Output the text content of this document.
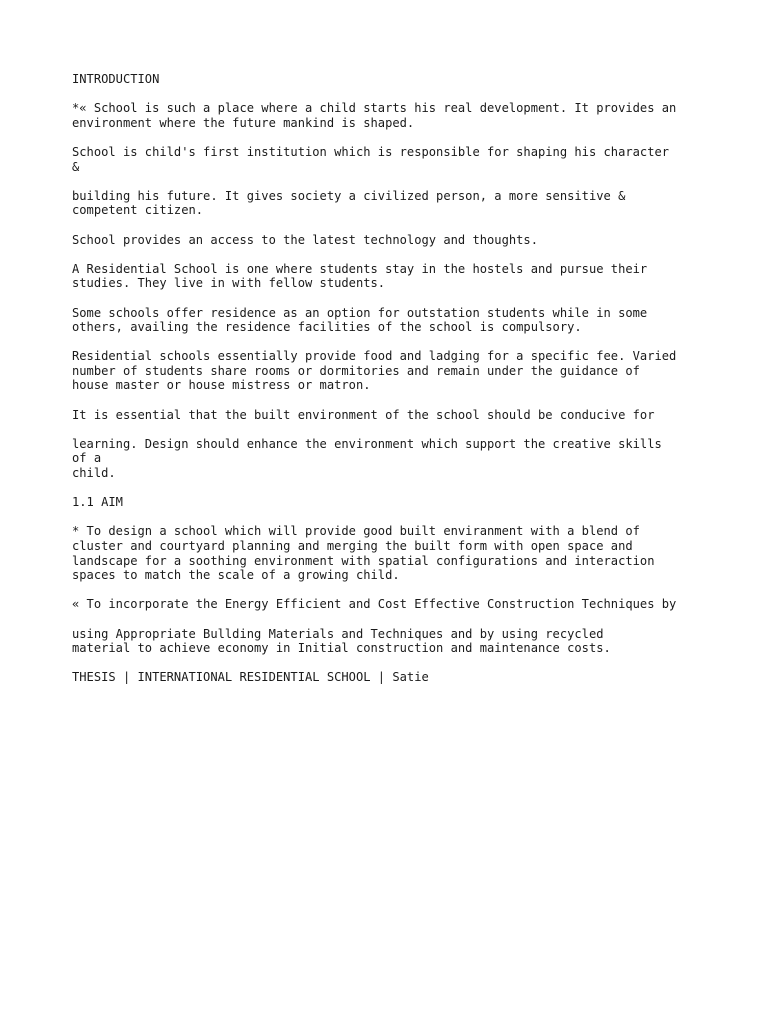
INTRODUCTION

*« School is such a place where a child starts his real development. It provides an
environment where the future mankind is shaped.

School is child's first institution which is responsible for shaping his character
&

building his future. It gives society a civilized person, a more sensitive &
competent citizen.

School provides an access to the latest technology and thoughts.

A Residential School is one where students stay in the hostels and pursue their
studies. They live in with fellow students.

Some schools offer residence as an option for outstation students while in some
others, availing the residence facilities of the school is compulsory.

Residential schools essentially provide food and ladging for a specific fee. Varied
number of students share rooms or dormitories and remain under the guidance of
house master or house mistress or matron.

It is essential that the built environment of the school should be conducive for

learning. Design should enhance the environment which support the creative skills
of a
child.

1.1 AIM

* To design a school which will provide good built enviranment with a blend of
cluster and courtyard planning and merging the built form with open space and
landscape for a soothing environment with spatial configurations and interaction
spaces to match the scale of a growing child.

« To incorporate the Energy Efficient and Cost Effective Construction Techniques by

using Appropriate Bullding Materials and Techniques and by using recycled
material to achieve economy in Initial construction and maintenance costs.

THESIS | INTERNATIONAL RESIDENTIAL SCHOOL | Satie
